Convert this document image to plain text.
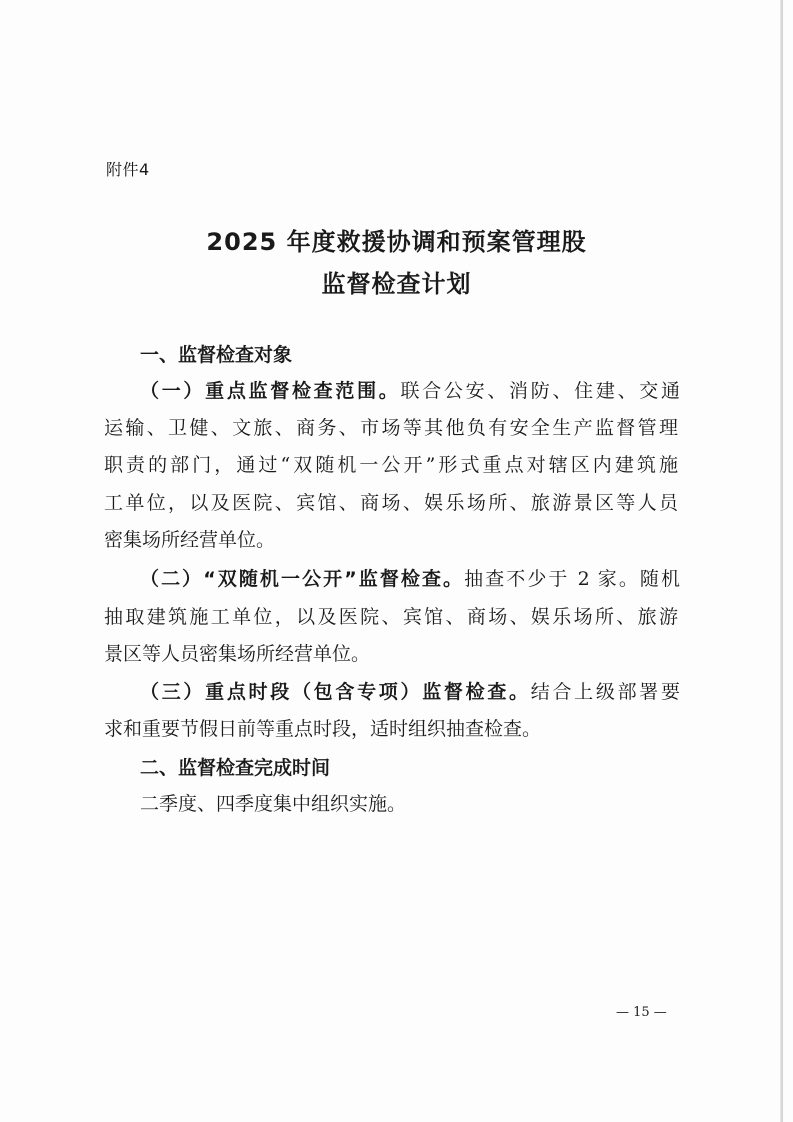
附件4
2025 年度救援协调和预案管理股
监督检查计划
一、监督检查对象
（一）重点监督检查范围。联合公安、消防、住建、交通
运输、卫健、文旅、商务、市场等其他负有安全生产监督管理
职责的部门，通过“双随机一公开”形式重点对辖区内建筑施
工单位，以及医院、宾馆、商场、娱乐场所、旅游景区等人员
密集场所经营单位。
（二）“双随机一公开”监督检查。抽查不少于 2 家。随机
抽取建筑施工单位，以及医院、宾馆、商场、娱乐场所、旅游
景区等人员密集场所经营单位。
（三）重点时段（包含专项）监督检查。结合上级部署要
求和重要节假日前等重点时段，适时组织抽查检查。
二、监督检查完成时间
二季度、四季度集中组织实施。
— 15 —
